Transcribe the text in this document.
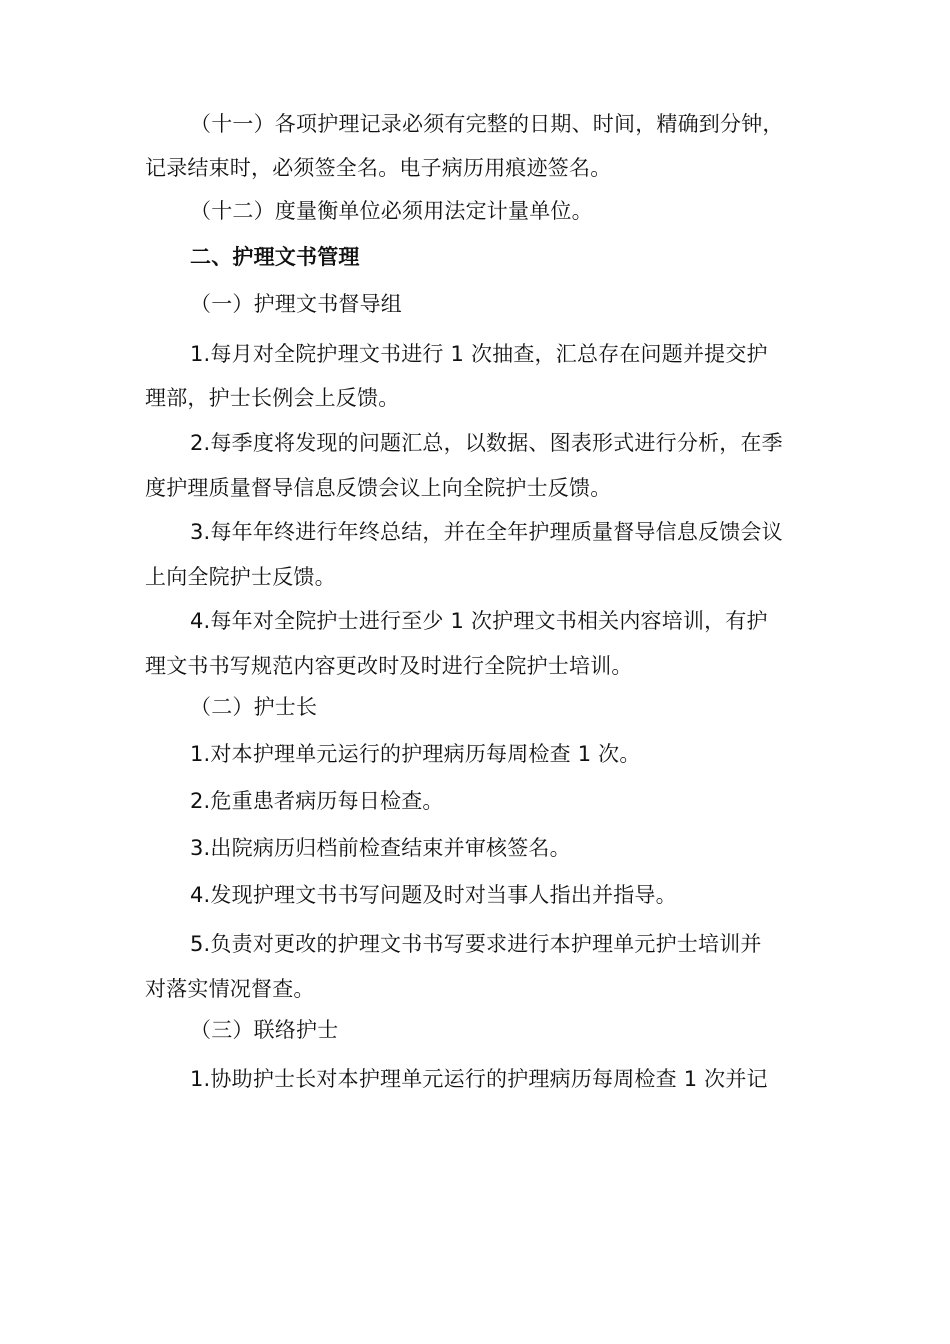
（十一）各项护理记录必须有完整的日期、时间，精确到分钟，
记录结束时，必须签全名。电子病历用痕迹签名。
（十二）度量衡单位必须用法定计量单位。
二、护理文书管理
（一）护理文书督导组
1.每月对全院护理文书进行 1 次抽查，汇总存在问题并提交护
理部，护士长例会上反馈。
2.每季度将发现的问题汇总，以数据、图表形式进行分析，在季
度护理质量督导信息反馈会议上向全院护士反馈。
3.每年年终进行年终总结，并在全年护理质量督导信息反馈会议
上向全院护士反馈。
4.每年对全院护士进行至少 1 次护理文书相关内容培训，有护
理文书书写规范内容更改时及时进行全院护士培训。
（二）护士长
1.对本护理单元运行的护理病历每周检查 1 次。
2.危重患者病历每日检查。
3.出院病历归档前检查结束并审核签名。
4.发现护理文书书写问题及时对当事人指出并指导。
5.负责对更改的护理文书书写要求进行本护理单元护士培训并
对落实情况督查。
（三）联络护士
1.协助护士长对本护理单元运行的护理病历每周检查 1 次并记
